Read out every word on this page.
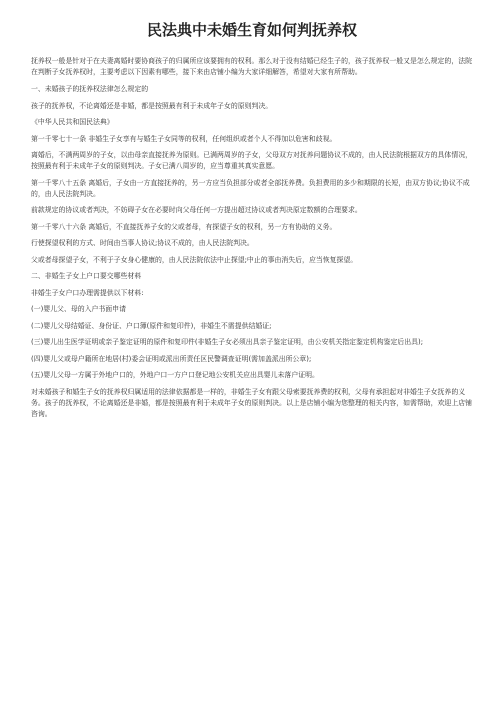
民法典中未婚生育如何判抚养权

抚养权一般是针对于在夫妻离婚时要协商孩子的归属所应该要拥有的权利。那么对于没有结婚已经生子的，孩子抚养权一般又是怎么规定的，法院在判断子女抚养权时，主要考虑以下因素有哪些，接下来由店铺小编为大家详细解答，希望对大家有所帮助。

一、未婚孩子的抚养权法律怎么规定的

孩子的抚养权，不论离婚还是非婚，都是按照最有利于未成年子女的原则判决。

《中华人民共和国民法典》

第一千零七十一条 非婚生子女享有与婚生子女同等的权利，任何组织或者个人不得加以危害和歧视。

离婚后，不满两周岁的子女，以由母亲直接抚养为原则。已满两周岁的子女，父母双方对抚养问题协议不成的，由人民法院根据双方的具体情况，按照最有利于未成年子女的原则判决。子女已满八周岁的，应当尊重其真实意愿。

第一千零八十五条 离婚后，子女由一方直接抚养的，另一方应当负担部分或者全部抚养费。负担费用的多少和期限的长短，由双方协议;协议不成的，由人民法院判决。

前款规定的协议或者判决，不妨碍子女在必要时向父母任何一方提出超过协议或者判决原定数额的合理要求。

第一千零八十六条 离婚后，不直接抚养子女的父或者母，有探望子女的权利，另一方有协助的义务。

行使探望权利的方式、时间由当事人协议;协议不成的，由人民法院判决。

父或者母探望子女，不利于子女身心健康的，由人民法院依法中止探望;中止的事由消失后，应当恢复探望。

二、非婚生子女上户口要交哪些材料

非婚生子女户口办理需提供以下材料:

(一)婴儿父、母的入户书面申请

(二)婴儿父母结婚证、身份证、户口簿(原件和复印件)，非婚生不需提供结婚证;

(三)婴儿出生医学证明或亲子鉴定证明的原件和复印件(非婚生子女必须出具亲子鉴定证明，由公安机关指定鉴定机构鉴定后出具);

(四)婴儿父或母户籍所在地居(村)委会证明或派出所责任区民警调查证明(需加盖派出所公章);

(五)婴儿父母一方属于外地户口的，外地户口一方户口登记地公安机关应出具婴儿未落户证明。

对未婚孩子和婚生子女的抚养权归属适用的法律依据都是一样的，非婚生子女有跟父母索要抚养费的权利，父母有承担起对非婚生子女抚养的义务。孩子的抚养权，不论离婚还是非婚，都是按照最有利于未成年子女的原则判决。以上是店铺小编为您整理的相关内容，如需帮助，欢迎上店铺咨询。
